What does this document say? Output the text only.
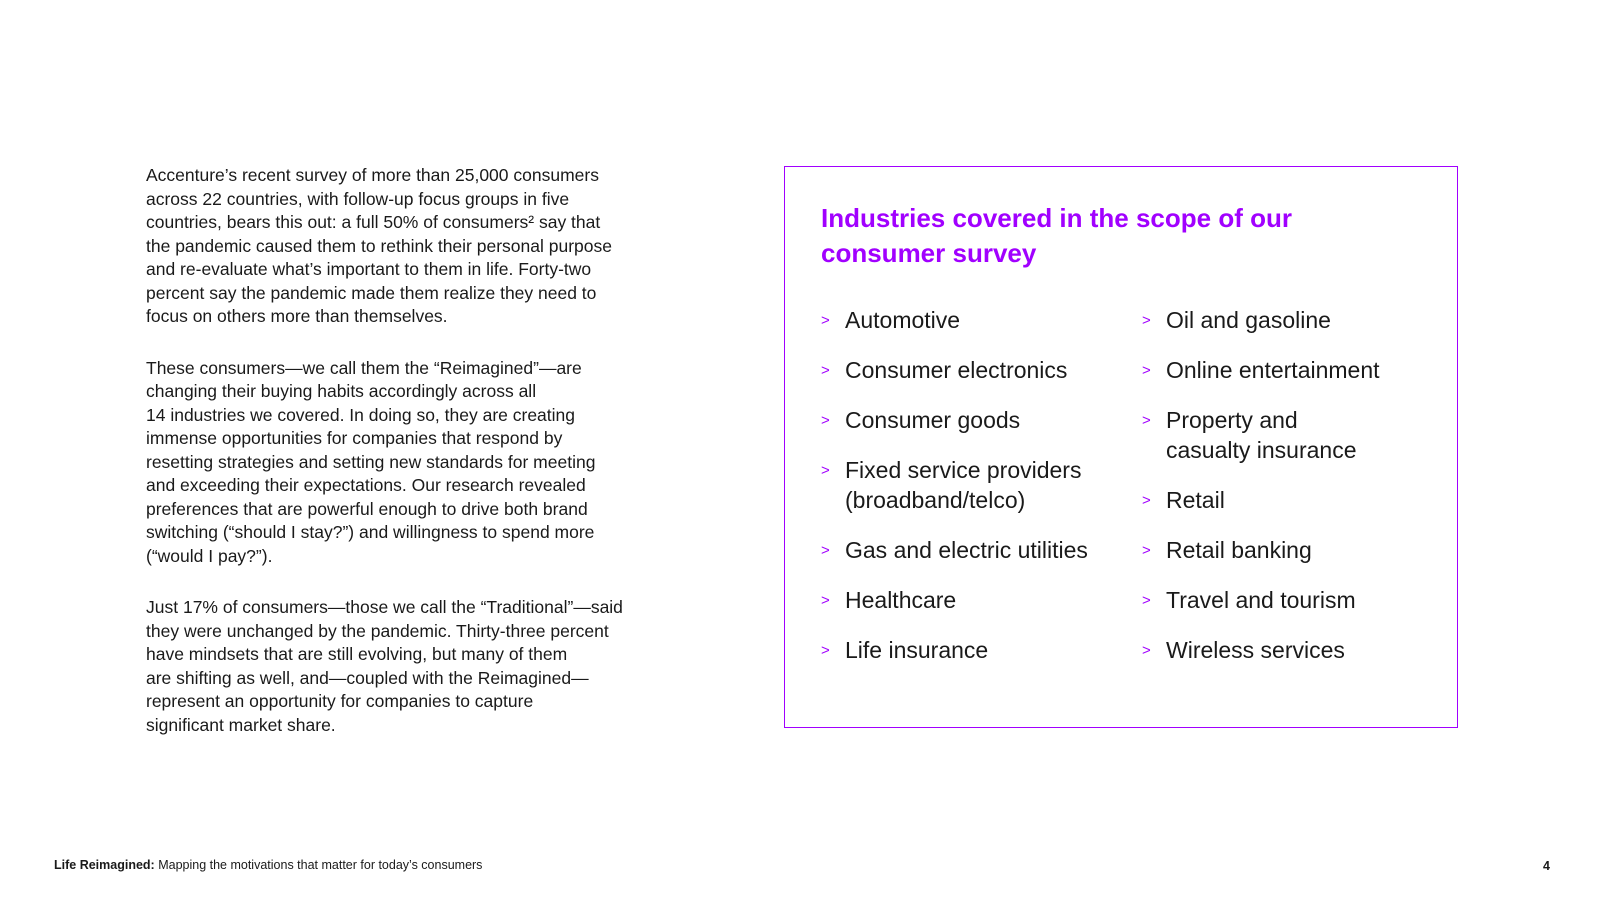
Accenture’s recent survey of more than 25,000 consumers
across 22 countries, with follow-up focus groups in five
countries, bears this out: a full 50% of consumers² say that
the pandemic caused them to rethink their personal purpose
and re-evaluate what’s important to them in life. Forty-two
percent say the pandemic made them realize they need to
focus on others more than themselves.

These consumers—we call them the “Reimagined”—are
changing their buying habits accordingly across all
14 industries we covered. In doing so, they are creating
immense opportunities for companies that respond by
resetting strategies and setting new standards for meeting
and exceeding their expectations. Our research revealed
preferences that are powerful enough to drive both brand
switching (“should I stay?”) and willingness to spend more
(“would I pay?”).

Just 17% of consumers—those we call the “Traditional”—said
they were unchanged by the pandemic. Thirty-three percent
have mindsets that are still evolving, but many of them
are shifting as well, and—coupled with the Reimagined—
represent an opportunity for companies to capture
significant market share.

Industries covered in the scope of our
consumer survey
> Automotive
> Consumer electronics
> Consumer goods
> Fixed service providers
(broadband/telco)
> Gas and electric utilities
> Healthcare
> Life insurance
> Oil and gasoline
> Online entertainment
> Property and
casualty insurance
> Retail
> Retail banking
> Travel and tourism
> Wireless services
Life Reimagined: Mapping the motivations that matter for today’s consumers	4
